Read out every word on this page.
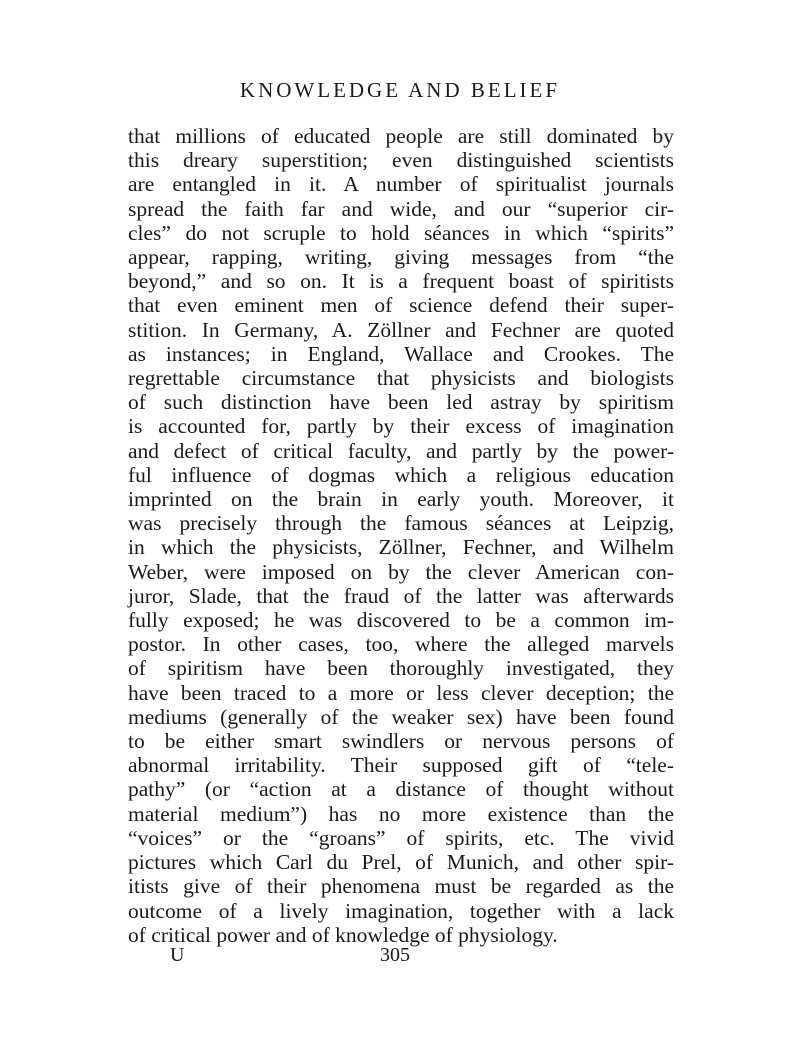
KNOWLEDGE AND BELIEF
that millions of educated people are still dominated by
this dreary superstition; even distinguished scientists
are entangled in it. A number of spiritualist journals
spread the faith far and wide, and our “superior cir-
cles” do not scruple to hold séances in which “spirits”
appear, rapping, writing, giving messages from “the
beyond,” and so on. It is a frequent boast of spiritists
that even eminent men of science defend their super-
stition. In Germany, A. Zöllner and Fechner are quoted
as instances; in England, Wallace and Crookes. The
regrettable circumstance that physicists and biologists
of such distinction have been led astray by spiritism
is accounted for, partly by their excess of imagination
and defect of critical faculty, and partly by the power-
ful influence of dogmas which a religious education
imprinted on the brain in early youth. Moreover, it
was precisely through the famous séances at Leipzig,
in which the physicists, Zöllner, Fechner, and Wilhelm
Weber, were imposed on by the clever American con-
juror, Slade, that the fraud of the latter was afterwards
fully exposed; he was discovered to be a common im-
postor. In other cases, too, where the alleged marvels
of spiritism have been thoroughly investigated, they
have been traced to a more or less clever deception; the
mediums (generally of the weaker sex) have been found
to be either smart swindlers or nervous persons of
abnormal irritability. Their supposed gift of “tele-
pathy” (or “action at a distance of thought without
material medium”) has no more existence than the
“voices” or the “groans” of spirits, etc. The vivid
pictures which Carl du Prel, of Munich, and other spir-
itists give of their phenomena must be regarded as the
outcome of a lively imagination, together with a lack
of critical power and of knowledge of physiology.
U	305
